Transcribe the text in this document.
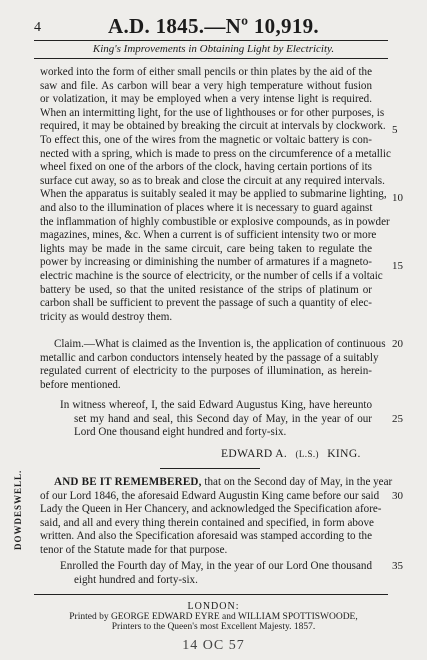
4	A.D. 1845.—Nº 10,919.
King's Improvements in Obtaining Light by Electricity.
worked into the form of either small pencils or thin plates by the aid of the
saw and file. As carbon will bear a very high temperature without fusion
or volatization, it may be employed when a very intense light is required.
When an intermitting light, for the use of lighthouses or for other purposes, is
required, it may be obtained by breaking the circuit at intervals by clockwork.
To effect this, one of the wires from the magnetic or voltaic battery is con-
nected with a spring, which is made to press on the circumference of a metallic
wheel fixed on one of the arbors of the clock, having certain portions of its
surface cut away, so as to break and close the circuit at any required intervals.
When the apparatus is suitably sealed it may be applied to submarine lighting,
and also to the illumination of places where it is necessary to guard against
the inflammation of highly combustible or explosive compounds, as in powder
magazines, mines, &c. When a current is of sufficient intensity two or more
lights may be made in the same circuit, care being taken to regulate the
power by increasing or diminishing the number of armatures if a magneto-
electric machine is the source of electricity, or the number of cells if a voltaic
battery be used, so that the united resistance of the strips of platinum or
carbon shall be sufficient to prevent the passage of such a quantity of elec-
tricity as would destroy them.
Claim.—What is claimed as the Invention is, the application of continuous
metallic and carbon conductors intensely heated by the passage of a suitably
regulated current of electricity to the purposes of illumination, as herein-
before mentioned.
In witness whereof, I, the said Edward Augustus King, have hereunto
set my hand and seal, this Second day of May, in the year of our
Lord One thousand eight hundred and forty-six.
EDWARD A. (L.S.) KING.
AND BE IT REMEMBERED, that on the Second day of May, in the year
of our Lord 1846, the aforesaid Edward Augustin King came before our said
Lady the Queen in Her Chancery, and acknowledged the Specification afore-
said, and all and every thing therein contained and specified, in form above
written. And also the Specification aforesaid was stamped according to the
tenor of the Statute made for that purpose.
Enrolled the Fourth day of May, in the year of our Lord One thousand
eight hundred and forty-six.
DOWDESWELL.
5
10
15
20
25
30
35
LONDON:
Printed by GEORGE EDWARD EYRE and WILLIAM SPOTTISWOODE,
Printers to the Queen's most Excellent Majesty. 1857.
14 OC 57
